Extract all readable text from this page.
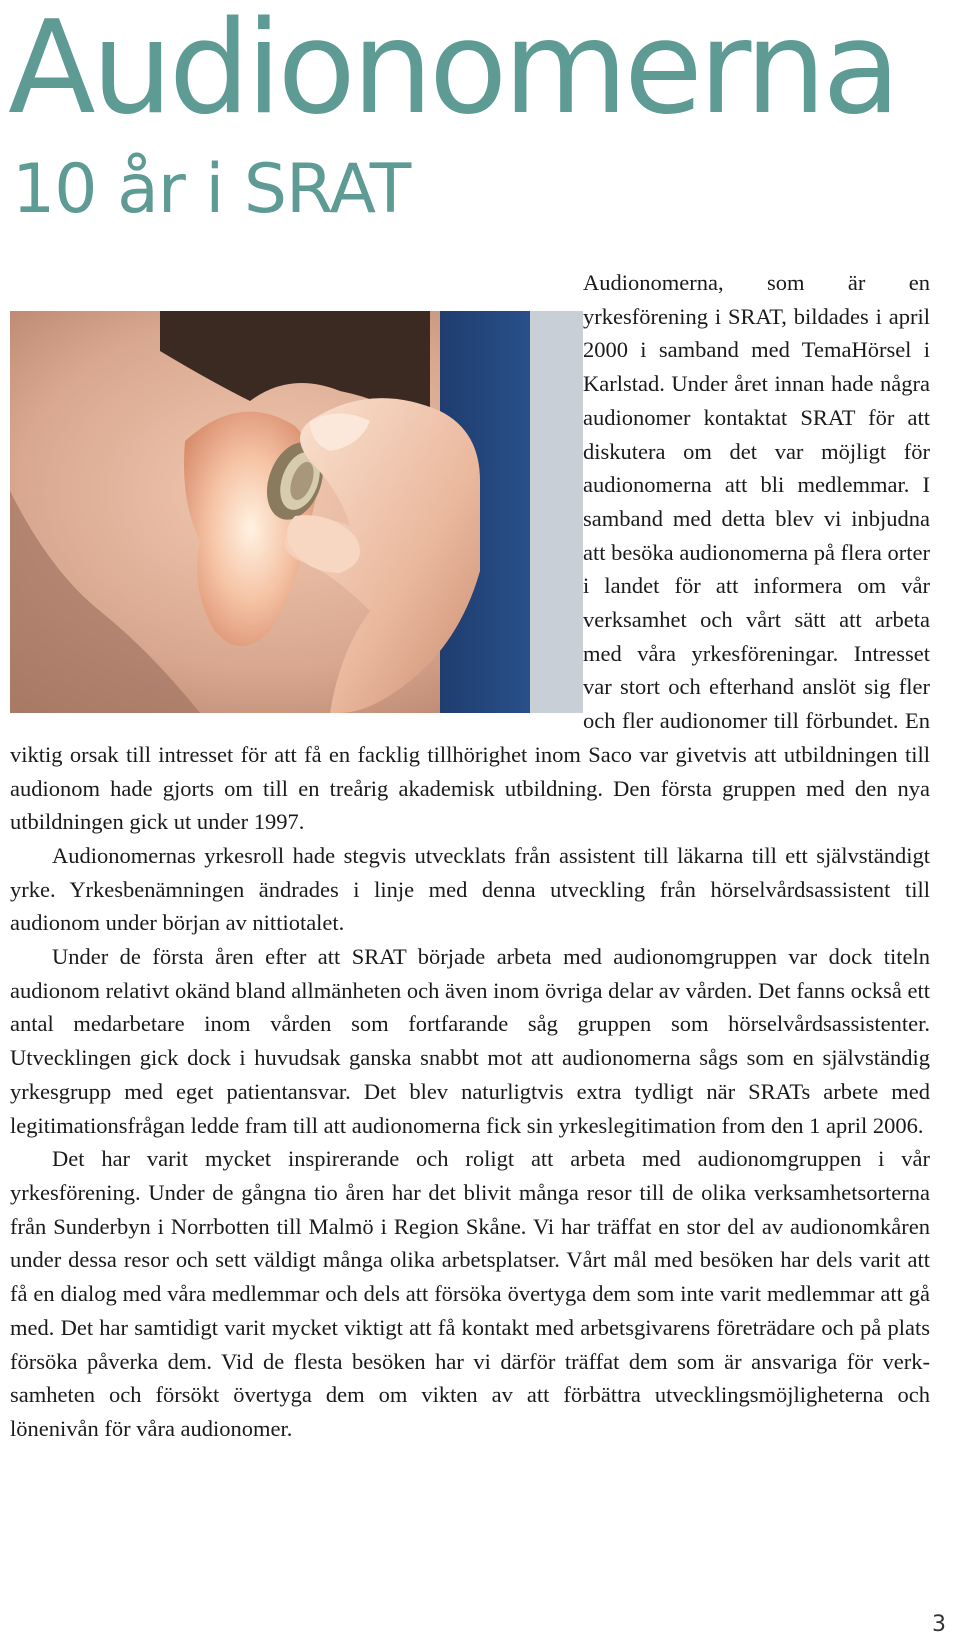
Audionomerna
10 år i SRAT

Audionomerna, som är en yrkesförening i SRAT, bildades i april 2000 i samband med TemaHörsel i Karlstad. Under året innan hade några audionomer kontaktat SRAT för att diskutera om det var möjligt för audionomerna att bli medlemmar. I samband med detta blev vi inbjudna att besöka audionomerna på flera orter i landet för att informera om vår verksamhet och vårt sätt att arbeta med våra yrkesföreningar. Intresset var stort och efterhand anslöt sig fler och fler audionomer till förbundet. En viktig orsak till intresset för att få en facklig tillhörighet inom Saco var givetvis att utbildningen till audionom hade gjorts om till en treårig akademisk utbildning. Den första gruppen med den nya utbildningen gick ut under 1997.

Audionomernas yrkesroll hade stegvis utvecklats från assistent till läkarna till ett självständigt yrke. Yrkesbenämningen ändrades i linje med denna utveckling från hörselvårdsassistent till audionom under början av nittiotalet.

Under de första åren efter att SRAT började arbeta med audionomgruppen var dock titeln audionom relativt okänd bland allmänheten och även inom övriga delar av vården. Det fanns också ett antal medarbetare inom vården som fortfarande såg gruppen som hörselvårdsassistenter. Utvecklingen gick dock i huvudsak ganska snabbt mot att audionomerna sågs som en självständig yrkesgrupp med eget patientansvar. Det blev naturligtvis extra tydligt när SRATs arbete med legitimationsfrågan ledde fram till att audionomerna fick sin yrkeslegitimation from den 1 april 2006.

Det har varit mycket inspirerande och roligt att arbeta med audionomgruppen i vår yrkesförening. Under de gångna tio åren har det blivit många resor till de olika verksamhetsorterna från Sunderbyn i Norrbotten till Malmö i Region Skåne. Vi har träffat en stor del av audionomkåren under dessa resor och sett väldigt många olika arbetsplatser. Vårt mål med besöken har dels varit att få en dialog med våra medlemmar och dels att försöka övertyga dem som inte varit medlemmar att gå med. Det har samtidigt varit mycket viktigt att få kontakt med arbetsgivarens företrädare och på plats försöka påverka dem. Vid de flesta besöken har vi därför träffat dem som är ansvariga för verksamheten och försökt övertyga dem om vikten av att förbättra utvecklingsmöjligheterna och lönenivån för våra audionomer.

3
